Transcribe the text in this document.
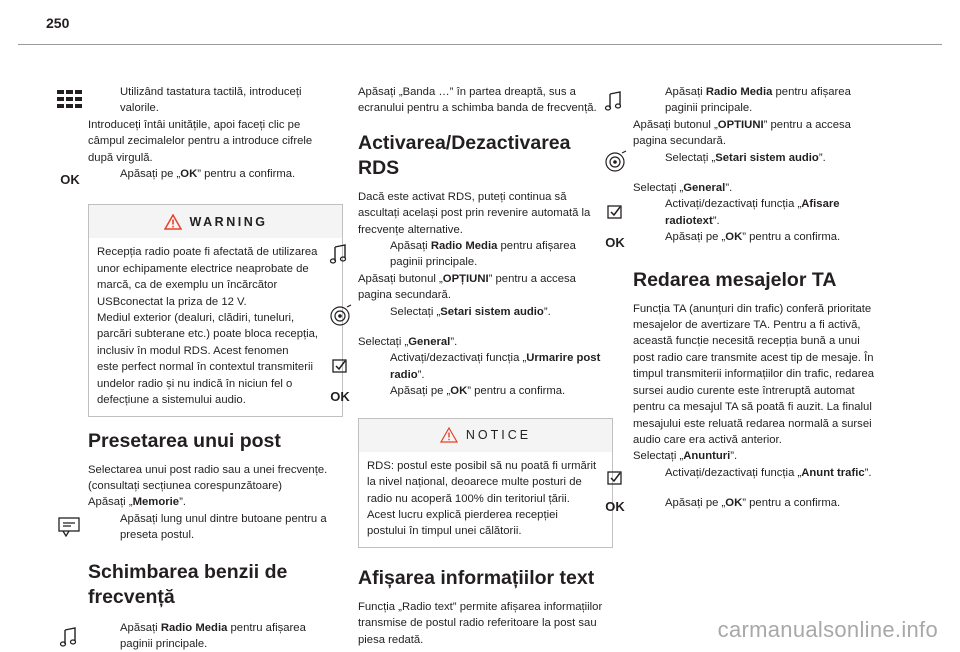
250
Utilizând tastatura tactilă, introduceți
valorile.
Introduceți întâi unitățile, apoi faceți clic pe
câmpul zecimalelor pentru a introduce cifrele
după virgulă.
OK	Apăsați pe „OK” pentru a confirma.
WARNING
Recepția radio poate fi afectată de utilizarea
unor echipamente electrice neaprobate de
marcă, ca de exemplu un încărcător
USBconectat la priza de 12 V.
Mediul exterior (dealuri, clădiri, tuneluri,
parcări subterane etc.) poate bloca recepția,
inclusiv în modul RDS. Acest fenomen
este perfect normal în contextul transmiterii
undelor radio și nu indică în niciun fel o
defecțiune a sistemului audio.
Presetarea unui post
Selectarea unui post radio sau a unei frecvențe.
(consultați secțiunea corespunzătoare)
Apăsați „Memorie”.
Apăsați lung unul dintre butoane pentru a
preseta postul.
Schimbarea benzii de
frecvență
Apăsați Radio Media pentru afișarea
paginii principale.
Apăsați „Banda …” în partea dreaptă, sus a
ecranului pentru a schimba banda de frecvență.
Activarea/Dezactivarea RDS
Dacă este activat RDS, puteți continua să
ascultați același post prin revenire automată la
frecvențe alternative.
Apăsați Radio Media pentru afișarea
paginii principale.
Apăsați butonul „OPȚIUNI” pentru a accesa
pagina secundară.
Selectați „Setari sistem audio”.
Selectați „General”.
Activați/dezactivați funcția „Urmarire post
radio”.
OK	Apăsați pe „OK” pentru a confirma.
NOTICE
RDS: postul este posibil să nu poată fi urmărit
la nivel național, deoarece multe posturi de
radio nu acoperă 100% din teritoriul țării.
Acest lucru explică pierderea recepției
postului în timpul unei călătorii.
Afișarea informațiilor text
Funcția „Radio text” permite afișarea informațiilor
transmise de postul radio referitoare la post sau
piesa redată.
Apăsați Radio Media pentru afișarea
paginii principale.
Apăsați butonul „OPTIUNI” pentru a accesa
pagina secundară.
Selectați „Setari sistem audio”.
Selectați „General”.
Activați/dezactivați funcția „Afisare
radiotext”.
OK	Apăsați pe „OK” pentru a confirma.
Redarea mesajelor TA
Funcția TA (anunțuri din trafic) conferă prioritate
mesajelor de avertizare TA. Pentru a fi activă,
această funcție necesită recepția bună a unui
post radio care transmite acest tip de mesaje. În
timpul transmiterii informațiilor din trafic, redarea
sursei audio curente este întreruptă automat
pentru ca mesajul TA să poată fi auzit. La finalul
mesajului este reluată redarea normală a sursei
audio care era activă anterior.
Selectați „Anunturi”.
Activați/dezactivați funcția „Anunt trafic”.
OK	Apăsați pe „OK” pentru a confirma.
carmanualsonline.info
